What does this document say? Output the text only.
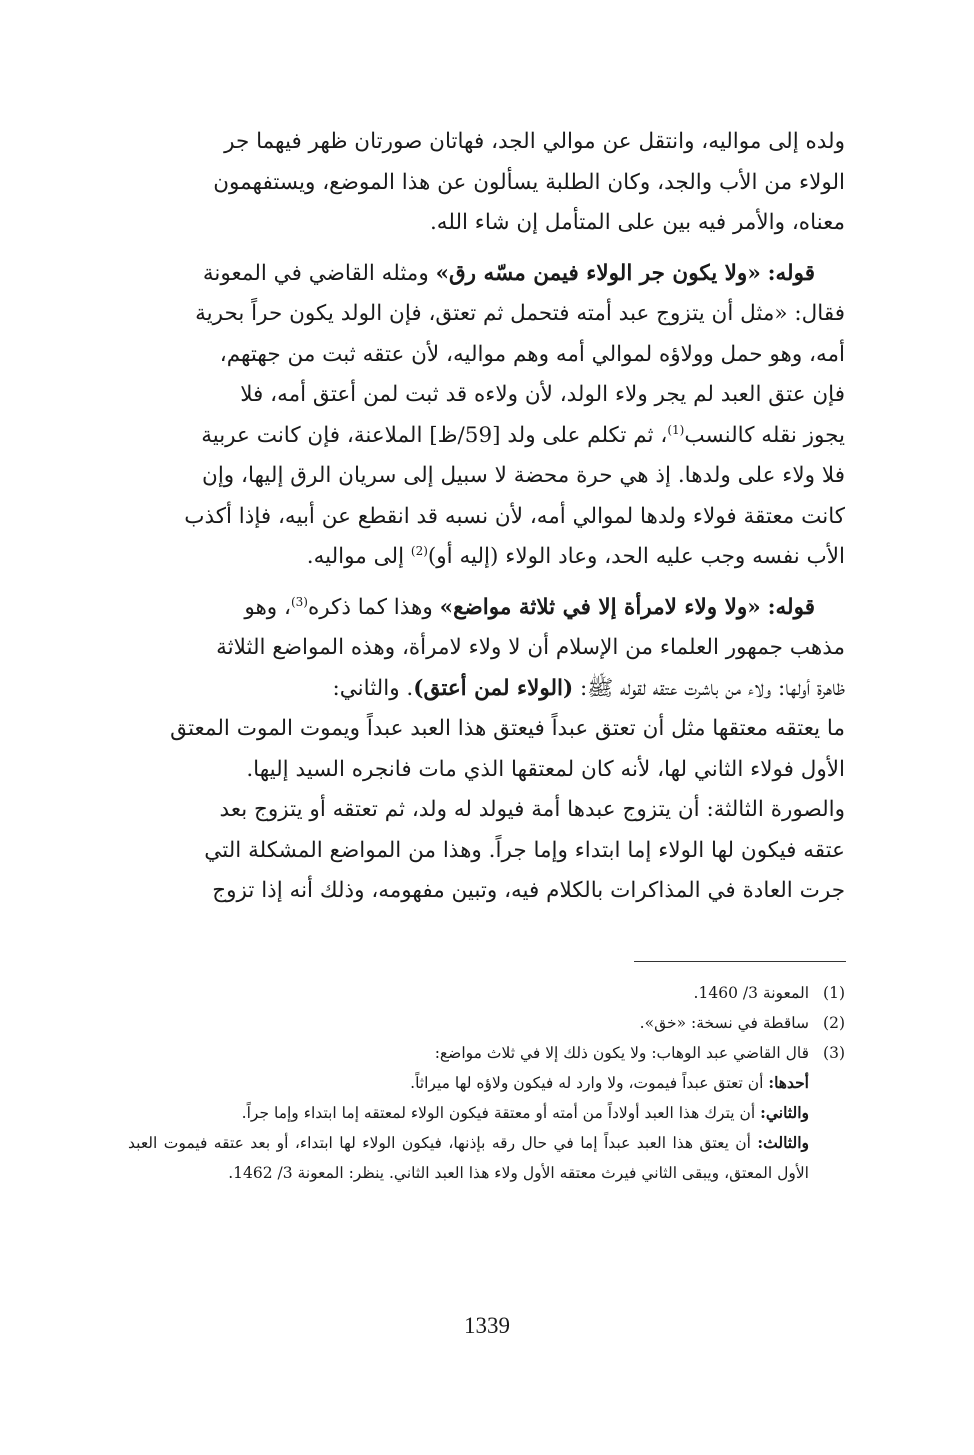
ولده إلى مواليه، وانتقل عن موالي الجد، فهاتان صورتان ظهر فيهما جر

الولاء من الأب والجد، وكان الطلبة يسألون عن هذا الموضع، ويستفهمون

معناه، والأمر فيه بين على المتأمل إن شاء الله.

قوله: «ولا يكون جر الولاء فيمن مسّه رق» ومثله القاضي في المعونة

فقال: «مثل أن يتزوج عبد أمته فتحمل ثم تعتق، فإن الولد يكون حراً بحرية

أمه، وهو حمل وولاؤه لموالي أمه وهم مواليه، لأن عتقه ثبت من جهتهم،

فإن عتق العبد لم يجر ولاء الولد، لأن ولاءه قد ثبت لمن أعتق أمه، فلا

يجوز نقله كالنسب$^{(1)}$، ثم تكلم على ولد [59/ظ] الملاعنة، فإن كانت عربية

فلا ولاء على ولدها. إذ هي حرة محضة لا سبيل إلى سريان الرق إليها، وإن

كانت معتقة فولاء ولدها لموالي أمه، لأن نسبه قد انقطع عن أبيه، فإذا أكذب

الأب نفسه وجب عليه الحد، وعاد الولاء (إليه أو)$^{(2)}$ إلى مواليه.

قوله: «ولا ولاء لامرأة إلا في ثلاثة مواضع» وهذا كما ذكره$^{(3)}$، وهو

مذهب جمهور العلماء من الإسلام أن لا ولاء لامرأة، وهذه المواضع الثلاثة

ظاهرة أولها: ولاء من باشرت عتقه لقوله ﷺ: (الولاء لمن أعتق). والثاني:

ما يعتقه معتقها مثل أن تعتق عبداً فيعتق هذا العبد عبداً ويموت الموت المعتق

الأول فولاء الثاني لها، لأنه كان لمعتقها الذي مات فانجره السيد إليها.

والصورة الثالثة: أن يتزوج عبدها أمة فيولد له ولد، ثم تعتقه أو يتزوج بعد

عتقه فيكون لها الولاء إما ابتداء وإما جراً. وهذا من المواضع المشكلة التي

جرت العادة في المذاكرات بالكلام فيه، وتبين مفهومه، وذلك أنه إذا تزوج

(1)
المعونة 3/ 1460.
(2)
ساقطة في نسخة: «خق».
(3)
قال القاضي عبد الوهاب: ولا يكون ذلك إلا في ثلاث مواضع:
أحدها: أن تعتق عبداً فيموت، ولا وارد له فيكون ولاؤه لها ميراثاً.
والثاني: أن يترك هذا العبد أولاداً من أمته أو معتقة فيكون الولاء لمعتقه إما ابتداء وإما جراً.
والثالث: أن يعتق هذا العبد عبداً إما في حال رقه بإذنها، فيكون الولاء لها ابتداء، أو بعد عتقه فيموت العبد الأول المعتق، ويبقى الثاني فيرث معتقه الأول ولاء هذا العبد الثاني. ينظر: المعونة 3/ 1462.
1339
